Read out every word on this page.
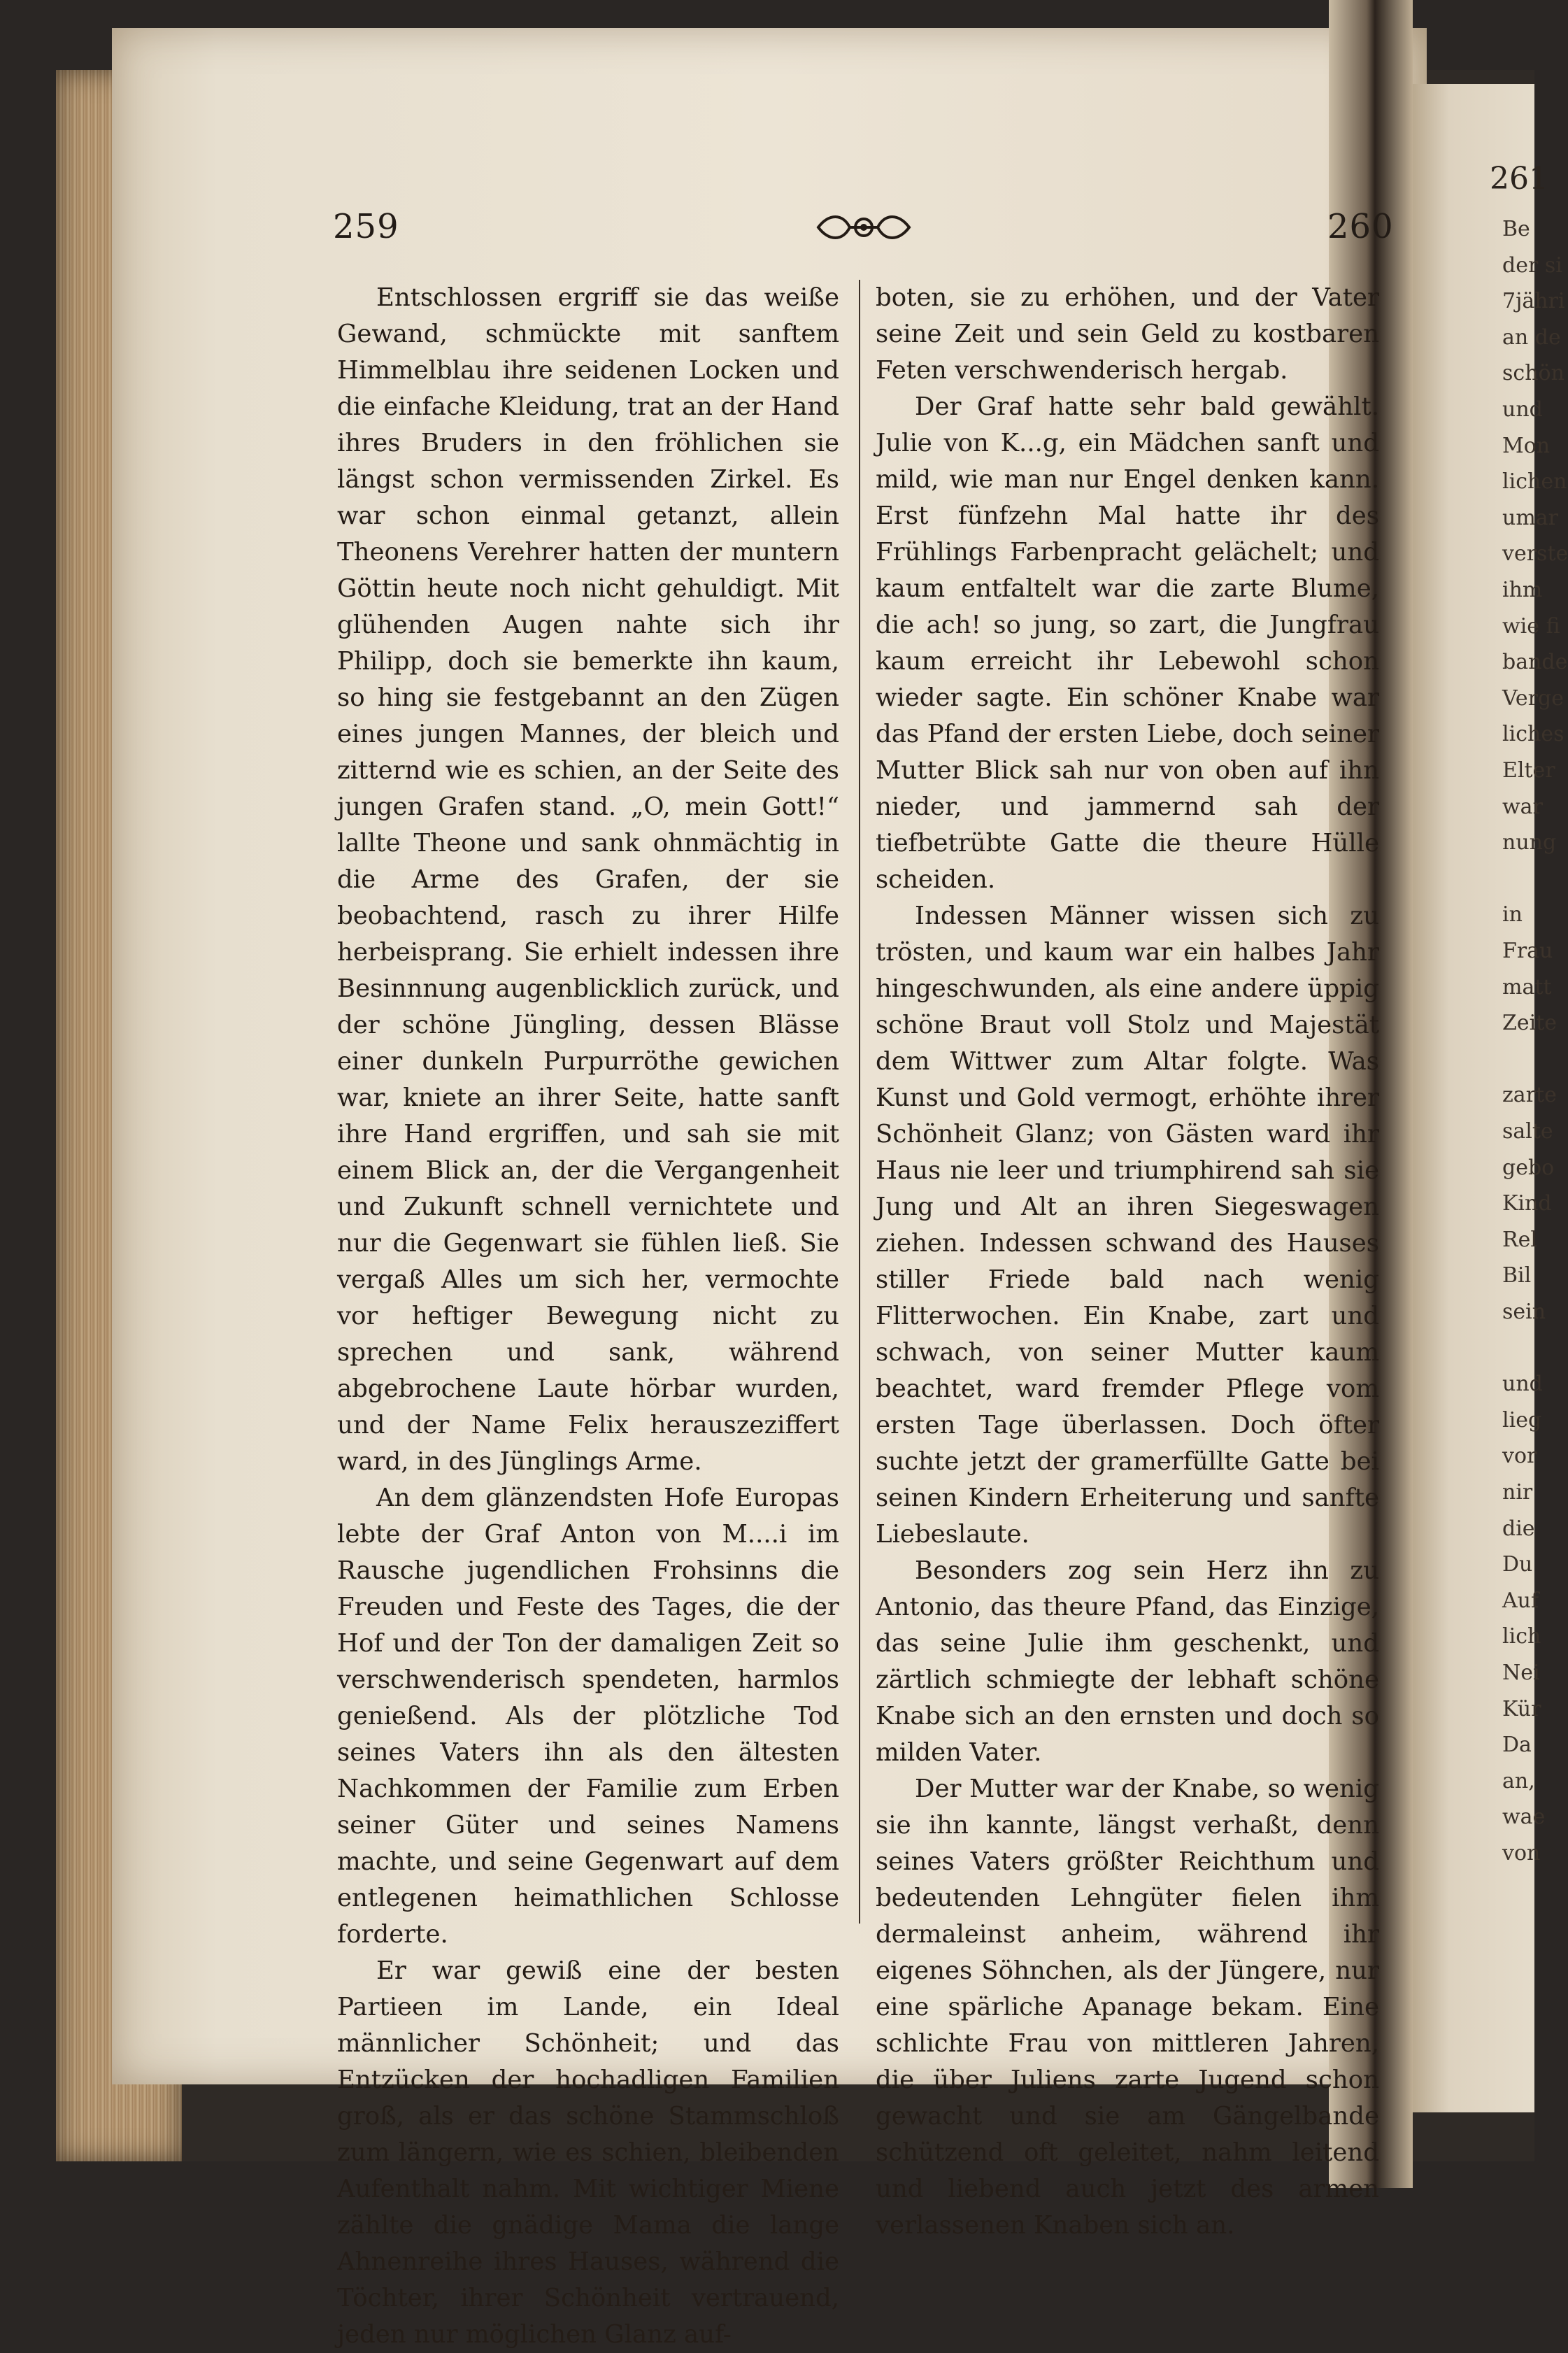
261
Be
der si
7jähri
an de
schön
und
Mon
lichen
umar
verste
ihm
wie fi
bande
Verge
liches
Elter
war
nung
in
Frau
matt
Zeite
zarte
salte
gebo
Kind
Rel
Bil
sein
und
lieg
vor
nir
die
Du
Auf
lich
Nei
Kür
Da
an,
wae
von
259	260

Entschlossen ergriff sie das weiße Gewand, schmückte mit sanftem Himmelblau ihre seidenen Locken und die einfache Kleidung, trat an der Hand ihres Bruders in den fröhlichen sie längst schon vermissenden Zirkel. Es war schon einmal getanzt, allein Theonens Verehrer hatten der muntern Göttin heute noch nicht gehuldigt. Mit glühenden Augen nahte sich ihr Philipp, doch sie bemerkte ihn kaum, so hing sie festgebannt an den Zügen eines jungen Mannes, der bleich und zitternd wie es schien, an der Seite des jungen Grafen stand. „O, mein Gott!“ lallte Theone und sank ohnmächtig in die Arme des Grafen, der sie beobachtend, rasch zu ihrer Hilfe herbeisprang. Sie erhielt indessen ihre Besinnnung augenblicklich zurück, und der schöne Jüngling, dessen Blässe einer dunkeln Purpurröthe gewichen war, kniete an ihrer Seite, hatte sanft ihre Hand ergriffen, und sah sie mit einem Blick an, der die Vergangenheit und Zukunft schnell vernichtete und nur die Gegenwart sie fühlen ließ. Sie vergaß Alles um sich her, vermochte vor heftiger Bewegung nicht zu sprechen und sank, während abgebrochene Laute hörbar wurden, und der Name Felix herauszeziffert ward, in des Jünglings Arme.

An dem glänzendsten Hofe Europas lebte der Graf Anton von M....i im Rausche jugendlichen Frohsinns die Freuden und Feste des Tages, die der Hof und der Ton der damaligen Zeit so verschwenderisch spendeten, harmlos genießend. Als der plötzliche Tod seines Vaters ihn als den ältesten Nachkommen der Familie zum Erben seiner Güter und seines Namens machte, und seine Gegenwart auf dem entlegenen heimathlichen Schlosse forderte.

Er war gewiß eine der besten Partieen im Lande, ein Ideal männlicher Schönheit; und das Entzücken der hochadligen Familien groß, als er das schöne Stammschloß zum längern, wie es schien, bleibenden Aufenthalt nahm. Mit wichtiger Miene zählte die gnädige Mama die lange Ahnenreihe ihres Hauses, während die Töchter, ihrer Schönheit vertrauend, jeden nur möglichen Glanz auf-

boten, sie zu erhöhen, und der Vater seine Zeit und sein Geld zu kostbaren Feten verschwenderisch hergab.

Der Graf hatte sehr bald gewählt. Julie von K...g, ein Mädchen sanft und mild, wie man nur Engel denken kann. Erst fünfzehn Mal hatte ihr des Frühlings Farbenpracht gelächelt; und kaum entfaltelt war die zarte Blume, die ach! so jung, so zart, die Jungfrau kaum erreicht ihr Lebewohl schon wieder sagte. Ein schöner Knabe war das Pfand der ersten Liebe, doch seiner Mutter Blick sah nur von oben auf ihn nieder, und jammernd sah der tiefbetrübte Gatte die theure Hülle scheiden.

Indessen Männer wissen sich zu trösten, und kaum war ein halbes Jahr hingeschwunden, als eine andere üppig schöne Braut voll Stolz und Majestät dem Wittwer zum Altar folgte. Was Kunst und Gold vermogt, erhöhte ihrer Schönheit Glanz; von Gästen ward ihr Haus nie leer und triumphirend sah sie Jung und Alt an ihren Siegeswagen ziehen. Indessen schwand des Hauses stiller Friede bald nach wenig Flitterwochen. Ein Knabe, zart und schwach, von seiner Mutter kaum beachtet, ward fremder Pflege vom ersten Tage überlassen. Doch öfter suchte jetzt der gramerfüllte Gatte bei seinen Kindern Erheiterung und sanfte Liebeslaute.

Besonders zog sein Herz ihn zu Antonio, das theure Pfand, das Einzige, das seine Julie ihm geschenkt, und zärtlich schmiegte der lebhaft schöne Knabe sich an den ernsten und doch so milden Vater.

Der Mutter war der Knabe, so wenig sie ihn kannte, längst verhaßt, denn seines Vaters größter Reichthum und bedeutenden Lehngüter fielen ihm dermaleinst anheim, während ihr eigenes Söhnchen, als der Jüngere, nur eine spärliche Apanage bekam. Eine schlichte Frau von mittleren Jahren, die über Juliens zarte Jugend schon gewacht und sie am Gängelbande schützend oft geleitet, nahm leitend und liebend auch jetzt des armen verlassenen Knaben sich an.
